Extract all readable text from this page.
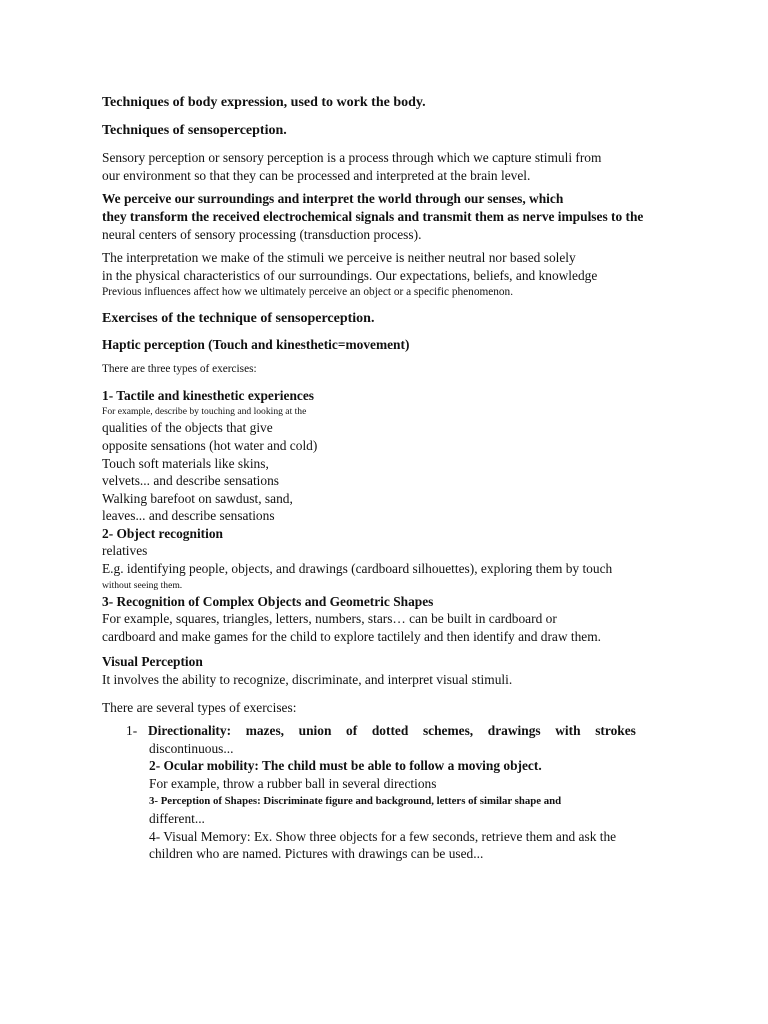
Techniques of body expression, used to work the body.
Techniques of sensoperception.
Sensory perception or sensory perception is a process through which we capture stimuli from
our environment so that they can be processed and interpreted at the brain level.
We perceive our surroundings and interpret the world through our senses, which
they transform the received electrochemical signals and transmit them as nerve impulses to the
neural centers of sensory processing (transduction process).
The interpretation we make of the stimuli we perceive is neither neutral nor based solely
in the physical characteristics of our surroundings. Our expectations, beliefs, and knowledge
Previous influences affect how we ultimately perceive an object or a specific phenomenon.
Exercises of the technique of sensoperception.
Haptic perception (Touch and kinesthetic=movement)
There are three types of exercises:
1- Tactile and kinesthetic experiences
For example, describe by touching and looking at the
qualities of the objects that give
opposite sensations (hot water and cold)
Touch soft materials like skins,
velvets... and describe sensations
Walking barefoot on sawdust, sand,
leaves... and describe sensations
2- Object recognition
relatives
E.g. identifying people, objects, and drawings (cardboard silhouettes), exploring them by touch
without seeing them.
3- Recognition of Complex Objects and Geometric Shapes
For example, squares, triangles, letters, numbers, stars… can be built in cardboard or
cardboard and make games for the child to explore tactilely and then identify and draw them.
Visual Perception
It involves the ability to recognize, discriminate, and interpret visual stimuli.
There are several types of exercises:
1- Directionality: mazes, union of dotted schemes, drawings with strokes
discontinuous...
2- Ocular mobility: The child must be able to follow a moving object.
For example, throw a rubber ball in several directions
3- Perception of Shapes: Discriminate figure and background, letters of similar shape and
different...
4- Visual Memory: Ex. Show three objects for a few seconds, retrieve them and ask the
children who are named. Pictures with drawings can be used...
